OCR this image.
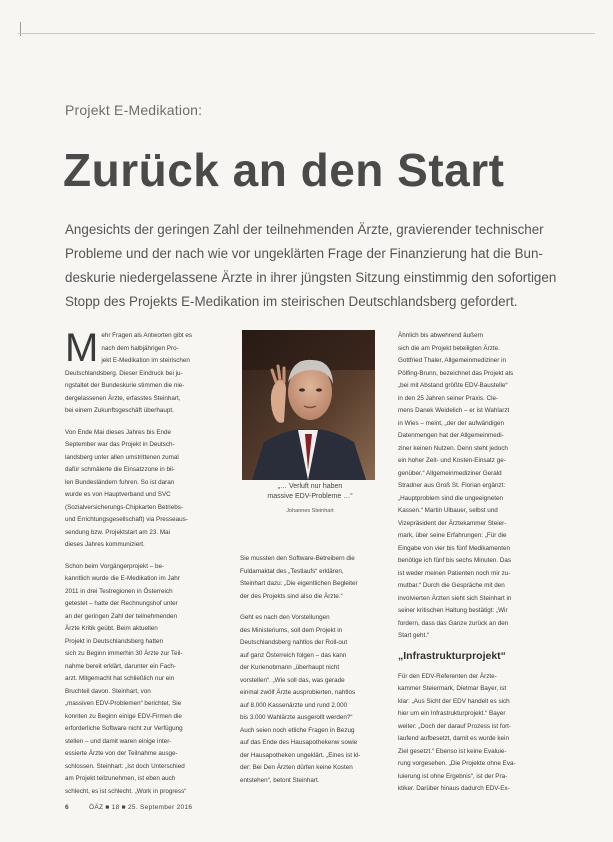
Projekt E-Medikation:
Zurück an den Start
Angesichts der geringen Zahl der teilnehmenden Ärzte, gravierender technischer
Probleme und der nach wie vor ungeklärten Frage der Finanzierung hat die Bun-
deskurie niedergelassene Ärzte in ihrer jüngsten Sitzung einstimmig den sofortigen
Stopp des Projekts E-Medikation im steirischen Deutschlandsberg gefordert.
M ehr Fragen als Antworten gibt es
nach dem halbjährigen Pro-
jekt E-Medikation im steirischen
Deutschlandsberg. Dieser Eindruck bei ju-
ngstaltet der Bundeskurie stimmen die nie-
dergelassenen Ärzte, erfasstes Steinhart,
bei einem Zukunftsgeschäft überhaupt.
Von Ende Mai dieses Jahres bis Ende
September war das Projekt in Deutsch-
landsberg unter allen umstrittenen zumal
dafür schmälerte die Einsatzzone in bil-
len Bundesländern fuhren. So ist daran
wurde es von Hauptverband und SVC
(Sozialversicherungs-Chipkarten Betriebs-
und Errichtungsgesellschaft) via Presseaus-
sendung bzw. Projektstart am 23. Mai
dieses Jahres kommuniziert.
Schon beim Vorgängerprojekt – be-
kanntlich wurde die E-Medikation im Jahr
2011 in drei Testregionen in Österreich
getestet – hatte der Rechnungshof unter
an der geringen Zahl der teilnehmenden
Ärzte Kritik geübt. Beim aktuellen
Projekt in Deutschlandsberg hatten
sich zu Beginn immerhin 30 Ärzte zur Teil-
nahme bereit erklärt, darunter ein Fach-
arzt. Mitgemacht hat schließlich nur ein
Bruchteil davon. Steinhart, von
„massiven EDV-Problemen“ berichtet, Sie
konnten zu Beginn einige EDV-Firmen die
erforderliche Software nicht zur Verfügung
stellen – und damit waren einige inter-
essierte Ärzte von der Teilnahme ausge-
schlossen. Steinhart: „Ist doch Unterschied
am Projekt teilzunehmen, ist eben auch
schlecht, es ist schlecht. „Work in progress“
„… Verluft nur haben
massive EDV-Probleme …“
Johannes Steinhart
Sie mussten den Software-Betreibern die
Fuldamaktat des „Testlaufs“ erklären,
Steinhart dazu: „Die eigentlichen Begleiter
der des Projekts sind also die Ärzte.“
Geht es nach den Vorstellungen
des Ministeriums, soll dem Projekt in
Deutschlandsberg nahtlos der Roll-out
auf ganz Österreich folgen – das kann
der Kurienobmann „überhaupt nicht
vorstellen“. „Wie soll das, was gerade
einmal zwölf Ärzte ausprobierten, nahtlos
auf 8.000 Kassenärzte und rund 2.000
bis 3.000 Wahlärzte ausgerollt werden?“
Auch seien noch etliche Fragen in Bezug
auf das Ende des Hausapothekenw sowie
der Hausapotheken ungeklärt. „Eines ist kl-
der: Bei Den Ärzten dürfen keine Kosten
entstehen“, betont Steinhart.
Ähnlich bis abwehrend äußern
sich die am Projekt beteiligten Ärzte.
Gottfried Thaler, Allgemeinmediziner in
Pölfing-Brunn, bezeichnet das Projekt als
„bei mit Abstand größte EDV-Baustelle“
in den 25 Jahren seiner Praxis. Cle-
mens Danek Weidelich – er ist Wahlarzt
in Wies – meint, „der der aufwändigen
Datenmengen hat der Allgemeinmedi-
ziner keinen Nutzen. Denn steht jedoch
ein hoher Zeit- und Kosten-Einsatz ge-
genüber.“ Allgemeinmediziner Gerald
Stradner aus Groß St. Florian ergänzt:
„Hauptproblem sind die ungeeigneten
Kassen.“ Martin Ulbauer, selbst und
Vizepräsident der Ärztekammer Steier-
mark, über seine Erfahrungen: „Für die
Eingabe von vier bis fünf Medikamenten
benötige ich fünf bis sechs Minuten. Das
ist weder meinen Patienten noch mir zu-
mutbar.“ Durch die Gespräche mit den
involvierten Ärzten sieht sich Steinhart in
seiner kritischen Haltung bestätigt: „Wir
fordern, dass das Ganze zurück an den
Start geht.“
„Infrastrukturprojekt“
Für den EDV-Referenten der Ärzte-
kammer Steiermark, Dietmar Bayer, ist
klar: „Aus Sicht der EDV handelt es sich
hier um ein Infrastrukturprojekt.“ Bayer
weiter: „Doch der darauf Prozess ist fort-
laufend aufbesetzt, damit es wurde kein
Ziel gesetzt.“ Ebenso ist keine Evaluie-
rung vorgesehen. „Die Projekte ohne Eva-
luierung ist ohne Ergebnis“, ist der Pra-
ktiker. Darüber hinaus dadurch EDV-Ex-
6	ÖÄZ ■ 18 ■ 25. September 2016
